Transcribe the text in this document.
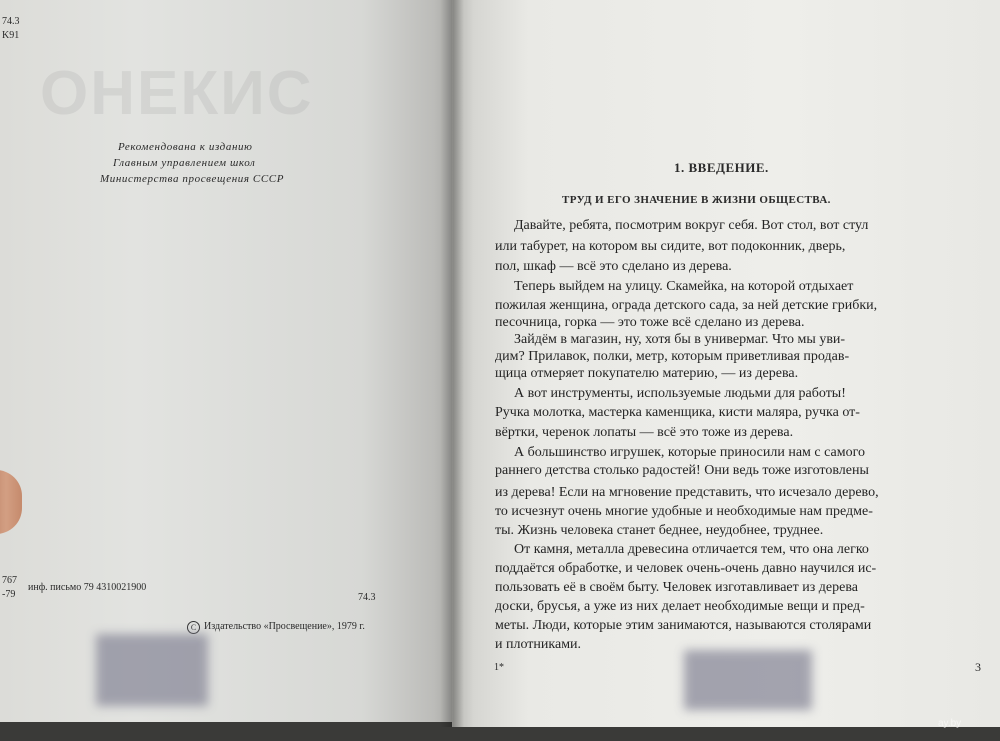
ОНЕКИС
74.3
K91
Рекомендована к изданию
Главным управлением школ
Министерства просвещения СССР
767
-79
инф. письмо 79 4310021900
74.3
C Издательство «Просвещение», 1979 г.
1. ВВЕДЕНИЕ.
ТРУД И ЕГО ЗНАЧЕНИЕ В ЖИЗНИ ОБЩЕСТВА.
Давайте, ребята, посмотрим вокруг себя. Вот стол, вот стул
или табурет, на котором вы сидите, вот подоконник, дверь,
пол, шкаф — всё это сделано из дерева.
Теперь выйдем на улицу. Скамейка, на которой отдыхает
пожилая женщина, ограда детского сада, за ней детские грибки,
песочница, горка — это тоже всё сделано из дерева.
Зайдём в магазин, ну, хотя бы в универмаг. Что мы уви-
дим? Прилавок, полки, метр, которым приветливая продав-
щица отмеряет покупателю материю, — из дерева.
А вот инструменты, используемые людьми для работы!
Ручка молотка, мастерка каменщика, кисти маляра, ручка от-
вёртки, черенок лопаты — всё это тоже из дерева.
А большинство игрушек, которые приносили нам с самого
раннего детства столько радостей! Они ведь тоже изготовлены
из дерева! Если на мгновение представить, что исчезало дерево,
то исчезнут очень многие удобные и необходимые нам предме-
ты. Жизнь человека станет беднее, неудобнее, труднее.
От камня, металла древесина отличается тем, что она легко
поддаётся обработке, и человек очень-очень давно научился ис-
пользовать её в своём быту. Человек изготавливает из дерева
доски, брусья, а уже из них делает необходимые вещи и пред-
меты. Люди, которые этим занимаются, называются столярами
и плотниками.
1*	3
ay.by
